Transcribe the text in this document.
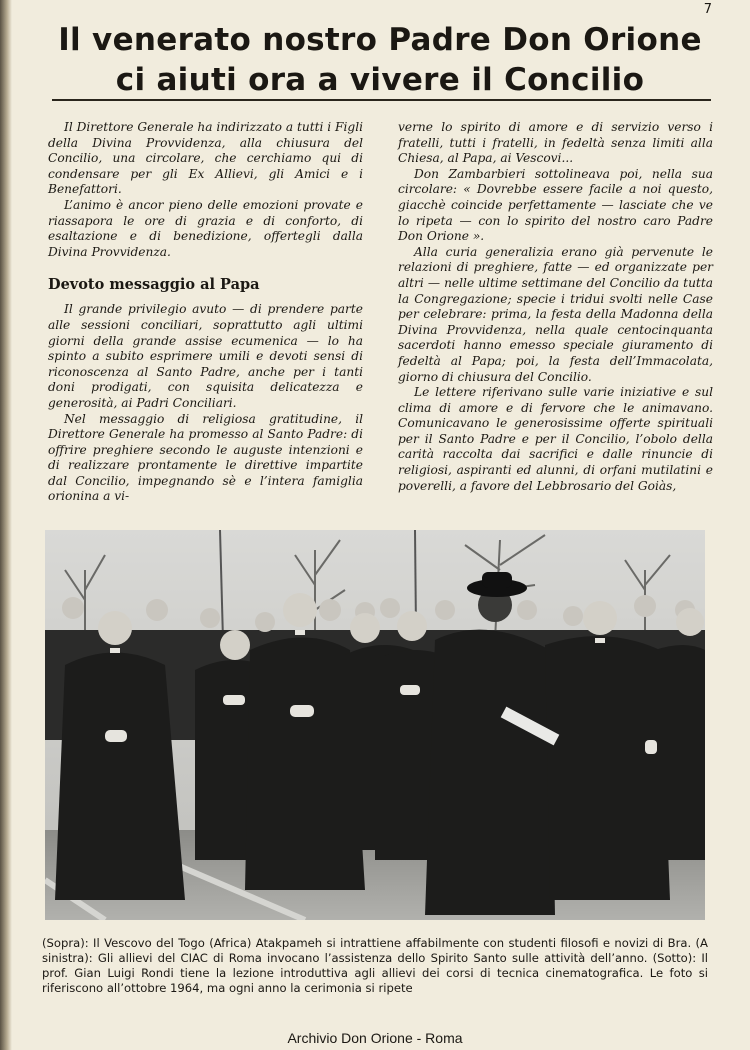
7
Il venerato nostro Padre Don Orione
ci aiuti ora a vivere il Concilio

Il Direttore Generale ha indirizzato a tutti i Figli della Divina Provvidenza, alla chiusura del Concilio, una circolare, che cerchiamo qui di condensare per gli Ex Allievi, gli Amici e i Benefattori.

L’animo è ancor pieno delle emozioni provate e riassapora le ore di grazia e di conforto, di esaltazione e di benedizione, offertegli dalla Divina Provvidenza.

Devoto messaggio al Papa

Il grande privilegio avuto — di prendere parte alle sessioni conciliari, soprattutto agli ultimi giorni della grande assise ecumenica — lo ha spinto a subito esprimere umili e devoti sensi di riconoscenza al Santo Padre, anche per i tanti doni prodigati, con squisita delicatezza e generosità, ai Padri Conciliari.

Nel messaggio di religiosa gratitudine, il Direttore Generale ha promesso al Santo Padre: di offrire preghiere secondo le auguste intenzioni e di realizzare prontamente le direttive impartite dal Concilio, impegnando sè e l’intera famiglia orionina a vi-

verne lo spirito di amore e di servizio verso i fratelli, tutti i fratelli, in fedeltà senza limiti alla Chiesa, al Papa, ai Vescovi...

Don Zambarbieri sottolineava poi, nella sua circolare: « Dovrebbe essere facile a noi questo, giacchè coincide perfettamente — lasciate che ve lo ripeta — con lo spirito del nostro caro Padre Don Orione ».

Alla curia generalizia erano già pervenute le relazioni di preghiere, fatte — ed organizzate per altri — nelle ultime settimane del Concilio da tutta la Congregazione; specie i tridui svolti nelle Case per celebrare: prima, la festa della Madonna della Divina Provvidenza, nella quale centocinquanta sacerdoti hanno emesso speciale giuramento di fedeltà al Papa; poi, la festa dell’Immacolata, giorno di chiusura del Concilio.

Le lettere riferivano sulle varie iniziative e sul clima di amore e di fervore che le animavano. Comunicavano le generosissime offerte spirituali per il Santo Padre e per il Concilio, l’obolo della carità raccolta dai sacrifici e dalle rinuncie di religiosi, aspiranti ed alunni, di orfani mutilatini e poverelli, a favore del Lebbrosario del Goiàs,

(Sopra): Il Vescovo del Togo (Africa) Atakpameh si intrattiene affabilmente con studenti filosofi e novizi di Bra. (A sinistra): Gli allievi del CIAC di Roma invocano l’assistenza dello Spirito Santo sulle attività dell’anno. (Sotto): Il prof. Gian Luigi Rondi tiene la lezione introduttiva agli allievi dei corsi di tecnica cinematografica. Le foto si riferiscono all’ottobre 1964, ma ogni anno la cerimonia si ripete

Archivio Don Orione - Roma
